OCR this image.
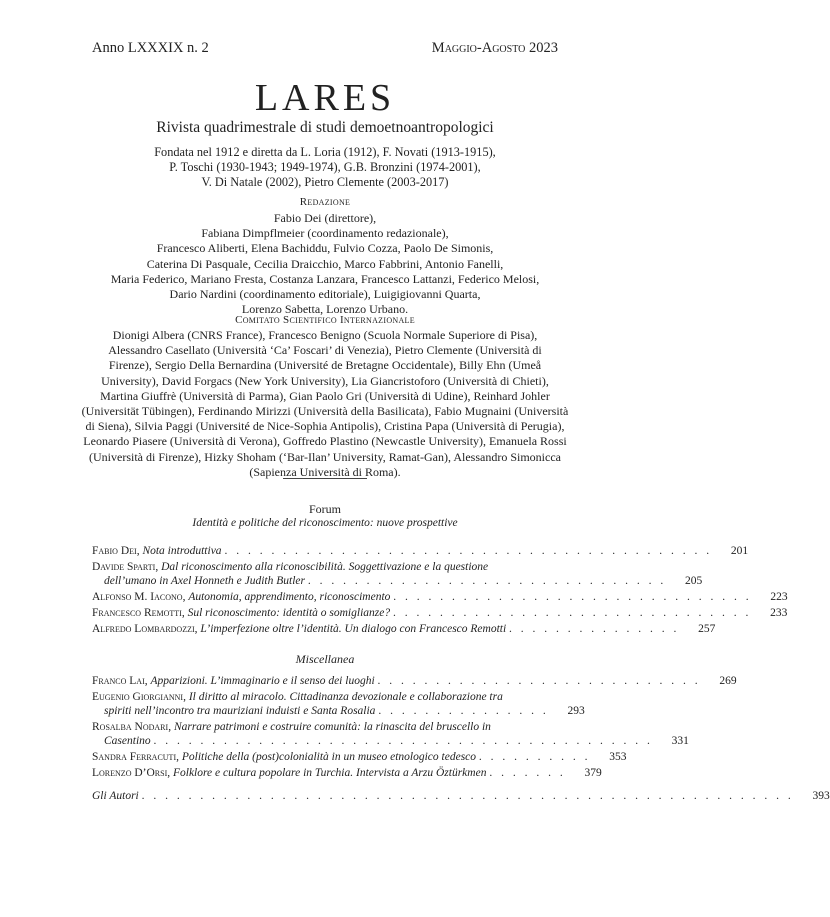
Anno LXXXIX n. 2	Maggio-Agosto 2023
LARES
Rivista quadrimestrale di studi demoetnoantropologici
Fondata nel 1912 e diretta da L. Loria (1912), F. Novati (1913-1915),
P. Toschi (1930-1943; 1949-1974), G.B. Bronzini (1974-2001),
V. Di Natale (2002), Pietro Clemente (2003-2017)
Redazione
Fabio Dei (direttore),
Fabiana Dimpflmeier (coordinamento redazionale),
Francesco Aliberti, Elena Bachiddu, Fulvio Cozza, Paolo De Simonis,
Caterina Di Pasquale, Cecilia Draicchio, Marco Fabbrini, Antonio Fanelli,
Maria Federico, Mariano Fresta, Costanza Lanzara, Francesco Lattanzi, Federico Melosi,
Dario Nardini (coordinamento editoriale), Luigigiovanni Quarta,
Lorenzo Sabetta, Lorenzo Urbano.
Comitato Scientifico Internazionale
Dionigi Albera (CNRS France), Francesco Benigno (Scuola Normale Superiore di Pisa),
Alessandro Casellato (Università ‘Ca’ Foscari’ di Venezia), Pietro Clemente (Università di
Firenze), Sergio Della Bernardina (Université de Bretagne Occidentale), Billy Ehn (Umeå
University), David Forgacs (New York University), Lia Giancristoforo (Università di Chieti),
Martina Giuffrè (Università di Parma), Gian Paolo Gri (Università di Udine), Reinhard Johler
(Universität Tübingen), Ferdinando Mirizzi (Università della Basilicata), Fabio Mugnaini (Università
di Siena), Silvia Paggi (Université de Nice-Sophia Antipolis), Cristina Papa (Università di Perugia),
Leonardo Piasere (Università di Verona), Goffredo Plastino (Newcastle University), Emanuela Rossi
(Università di Firenze), Hizky Shoham (‘Bar-Ilan’ University, Ramat-Gan), Alessandro Simonicca
(Sapienza Università di Roma).
Forum
Identità e politiche del riconoscimento: nuove prospettive
Fabio Dei, Nota introduttiva . . . . . . . . . . . . . . . . . . . . . . . . . . . . . . . . . . . . . . . . . .	201
Davide Sparti, Dal riconoscimento alla riconoscibilità. Soggettivazione e la questione
dell’umano in Axel Honneth e Judith Butler . . . . . . . . . . . . . . . . . . . . . . . . . . . . . . .	205
Alfonso M. Iacono, Autonomia, apprendimento, riconoscimento . . . . . . . . . . . . . . . . . . . . . . . . . . . . . . .	223
Francesco Remotti, Sul riconoscimento: identità o somiglianze? . . . . . . . . . . . . . . . . . . . . . . . . . . . . . . .	233
Alfredo Lombardozzi, L’imperfezione oltre l’identità. Un dialogo con Francesco Remotti . . . . . . . . . . . . . . .	257
Miscellanea
Franco Lai, Apparizioni. L’immaginario e il senso dei luoghi . . . . . . . . . . . . . . . . . . . . . . . . . . . .	269
Eugenio Giorgianni, Il diritto al miracolo. Cittadinanza devozionale e collaborazione tra
spiriti nell’incontro tra mauriziani induisti e Santa Rosalia . . . . . . . . . . . . . . .	293
Rosalba Nodari, Narrare patrimoni e costruire comunità: la rinascita del bruscello in
Casentino . . . . . . . . . . . . . . . . . . . . . . . . . . . . . . . . . . . . . . . . . . .	331
Sandra Ferracuti, Politiche della (post)colonialità in un museo etnologico tedesco . . . . . . . . . .	353
Lorenzo D’Orsi, Folklore e cultura popolare in Turchia. Intervista a Arzu Öztürkmen . . . . . . .	379
Gli Autori . . . . . . . . . . . . . . . . . . . . . . . . . . . . . . . . . . . . . . . . . . . . . . . . . . . . . . . .	393
